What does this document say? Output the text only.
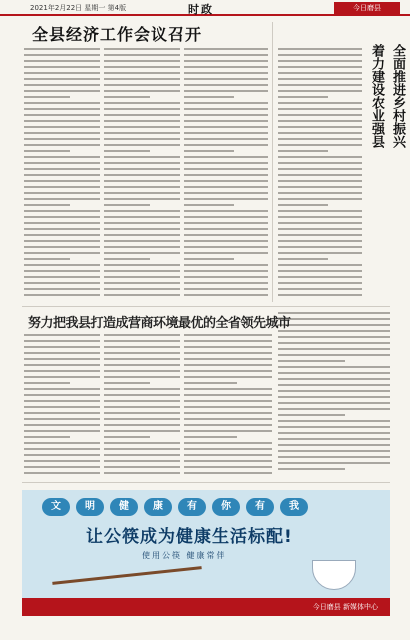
2021年2月22日 星期一 第4版	时政	今日磨县
全县经济工作会议召开
全面推进乡村振兴
着力建设农业强县
努力把我县打造成营商环境最优的全省领先城市
文	明	健	康	有	你	有	我
让公筷成为健康生活标配!
使用公筷 健康常伴
今日磨县 新媒体中心
